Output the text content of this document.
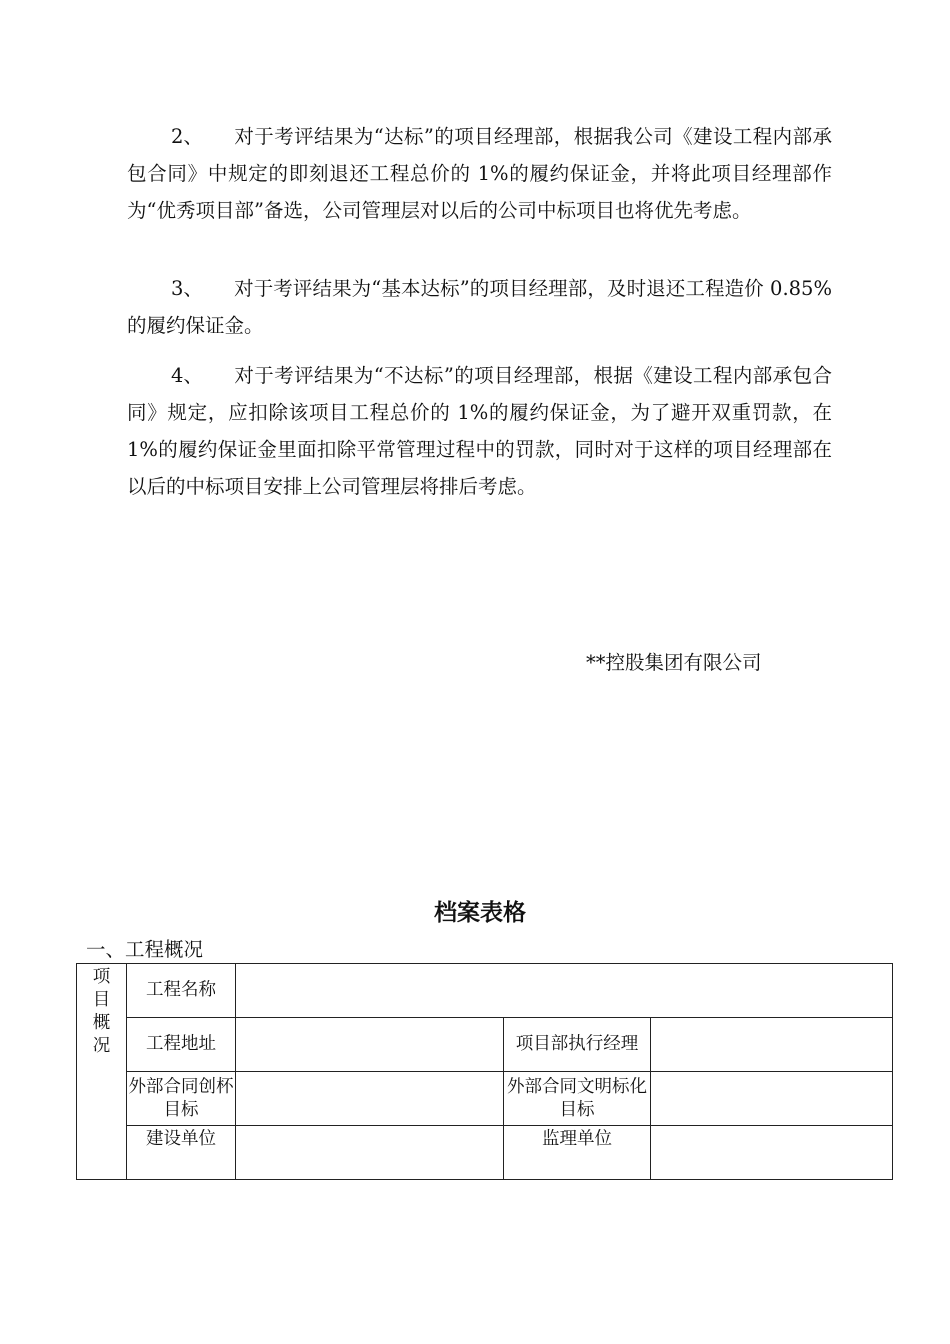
2、 对于考评结果为“达标”的项目经理部，根据我公司《建设工程内部承包合同》中规定的即刻退还工程总价的 1%的履约保证金，并将此项目经理部作为“优秀项目部”备选，公司管理层对以后的公司中标项目也将优先考虑。

3、 对于考评结果为“基本达标”的项目经理部，及时退还工程造价 0.85%的履约保证金。

4、 对于考评结果为“不达标”的项目经理部，根据《建设工程内部承包合同》规定，应扣除该项目工程总价的 1%的履约保证金，为了避开双重罚款，在 1%的履约保证金里面扣除平常管理过程中的罚款，同时对于这样的项目经理部在以后的中标项目安排上公司管理层将排后考虑。

**控股集团有限公司
档案表格
一、工程概况
项
目
概
况	工程名称			
	工程地址		项目部执行经理	
	外部合同创杯目标		外部合同文明标化目标	
	建设单位		监理单位	
